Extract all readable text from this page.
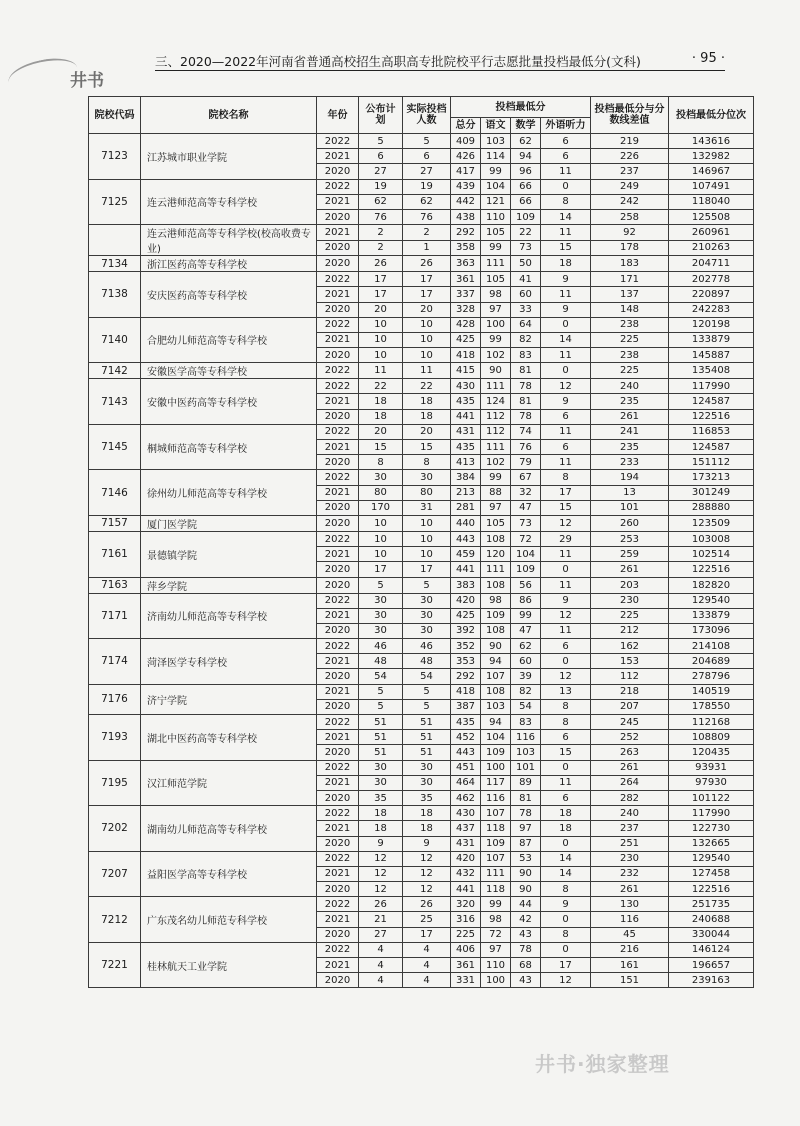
井书
三、2020—2022年河南省普通高校招生高职高专批院校平行志愿批量投档最低分(文科)	· 95 ·
院校代码	院校名称	年份	公布计划	实际投档人数	投档最低分				投档最低分与分数线差值	投档最低分位次
					总分	语文	数学	外语听力		
7123	江苏城市职业学院	2022	5	5	409	103	62	6	219	143616
		2021	6	6	426	114	94	6	226	132982
		2020	27	27	417	99	96	11	237	146967
7125	连云港师范高等专科学校	2022	19	19	439	104	66	0	249	107491
		2021	62	62	442	121	66	8	242	118040
		2020	76	76	438	110	109	14	258	125508
	连云港师范高等专科学校(校高收费专业)	2021	2	2	292	105	22	11	92	260961
		2020	2	1	358	99	73	15	178	210263
7134	浙江医药高等专科学校	2020	26	26	363	111	50	18	183	204711
7138	安庆医药高等专科学校	2022	17	17	361	105	41	9	171	202778
		2021	17	17	337	98	60	11	137	220897
		2020	20	20	328	97	33	9	148	242283
7140	合肥幼儿师范高等专科学校	2022	10	10	428	100	64	0	238	120198
		2021	10	10	425	99	82	14	225	133879
		2020	10	10	418	102	83	11	238	145887
7142	安徽医学高等专科学校	2022	11	11	415	90	81	0	225	135408
7143	安徽中医药高等专科学校	2022	22	22	430	111	78	12	240	117990
		2021	18	18	435	124	81	9	235	124587
		2020	18	18	441	112	78	6	261	122516
7145	桐城师范高等专科学校	2022	20	20	431	112	74	11	241	116853
		2021	15	15	435	111	76	6	235	124587
		2020	8	8	413	102	79	11	233	151112
7146	徐州幼儿师范高等专科学校	2022	30	30	384	99	67	8	194	173213
		2021	80	80	213	88	32	17	13	301249
		2020	170	31	281	97	47	15	101	288880
7157	厦门医学院	2020	10	10	440	105	73	12	260	123509
7161	景德镇学院	2022	10	10	443	108	72	29	253	103008
		2021	10	10	459	120	104	11	259	102514
		2020	17	17	441	111	109	0	261	122516
7163	萍乡学院	2020	5	5	383	108	56	11	203	182820
7171	济南幼儿师范高等专科学校	2022	30	30	420	98	86	9	230	129540
		2021	30	30	425	109	99	12	225	133879
		2020	30	30	392	108	47	11	212	173096
7174	菏泽医学专科学校	2022	46	46	352	90	62	6	162	214108
		2021	48	48	353	94	60	0	153	204689
		2020	54	54	292	107	39	12	112	278796
7176	济宁学院	2021	5	5	418	108	82	13	218	140519
		2020	5	5	387	103	54	8	207	178550
7193	湖北中医药高等专科学校	2022	51	51	435	94	83	8	245	112168
		2021	51	51	452	104	116	6	252	108809
		2020	51	51	443	109	103	15	263	120435
7195	汉江师范学院	2022	30	30	451	100	101	0	261	93931
		2021	30	30	464	117	89	11	264	97930
		2020	35	35	462	116	81	6	282	101122
7202	湖南幼儿师范高等专科学校	2022	18	18	430	107	78	18	240	117990
		2021	18	18	437	118	97	18	237	122730
		2020	9	9	431	109	87	0	251	132665
7207	益阳医学高等专科学校	2022	12	12	420	107	53	14	230	129540
		2021	12	12	432	111	90	14	232	127458
		2020	12	12	441	118	90	8	261	122516
7212	广东茂名幼儿师范专科学校	2022	26	26	320	99	44	9	130	251735
		2021	21	25	316	98	42	0	116	240688
		2020	27	17	225	72	43	8	45	330044
7221	桂林航天工业学院	2022	4	4	406	97	78	0	216	146124
		2021	4	4	361	110	68	17	161	196657
		2020	4	4	331	100	43	12	151	239163
井书·独家整理
